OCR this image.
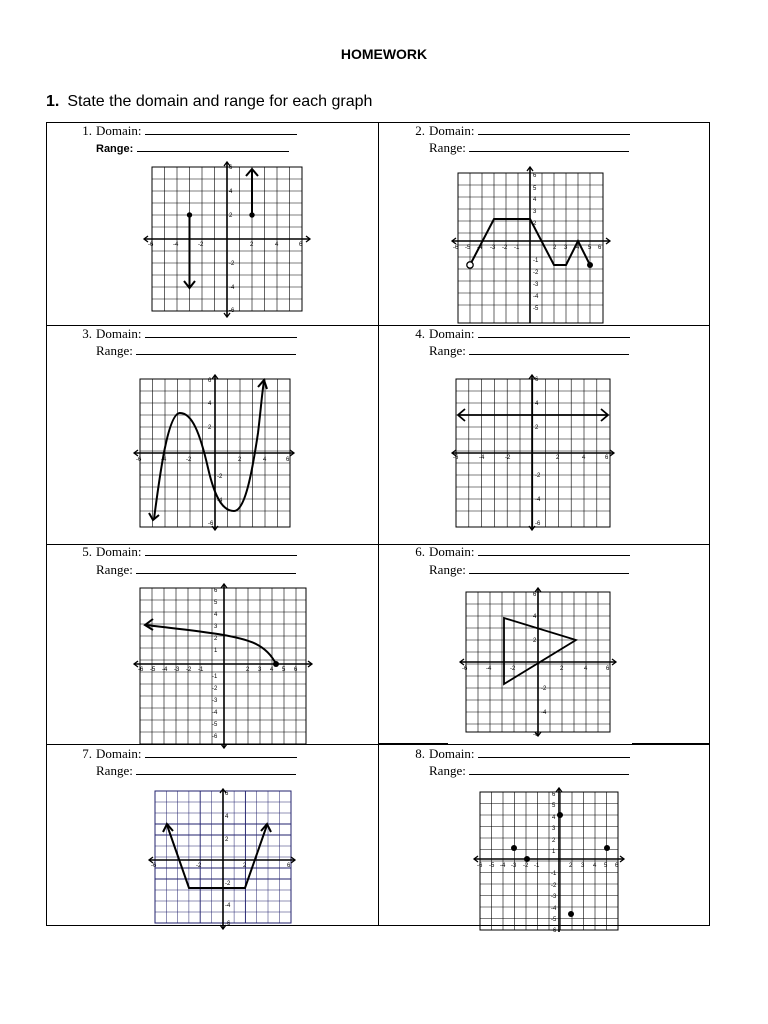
HOMEWORK
1. State the domain and range for each graph
1. Domain:
Range:
2. Domain:
Range:
3. Domain:
Range:
4. Domain:
Range:
5. Domain:
Range:
6. Domain:
Range:
7. Domain:
Range:
8. Domain:
Range:
-6	-4	-2	2	4	6
6
4
2
-2
-4
-6
-6 -5 -4 -3 -2 -1	2 3 4 5 6
6
5
4
3
2
-1
-2
-3
-4
-5
-6	-4	-2	2	4	6
6
4
2
-2
-4
-6
-6	-4	-2	2	4	6
6
4
2
-2
-4
-6
-6 -5 -4 -3 -2 -1	2 3 4 5 6
6
5
4
3
2
1
-1
-2
-3
-4
-5
-6
-6	-4	-2	2	4	6
6
4
2
-2
-4
-6
-6	-2	2	6
6
4
2
-2
-4
-6
-6 -5 -4 -3 -2 -1	2 3 4 5 6
6
5
4
3
2
1
-1
-2
-3
-4
-5
-6
